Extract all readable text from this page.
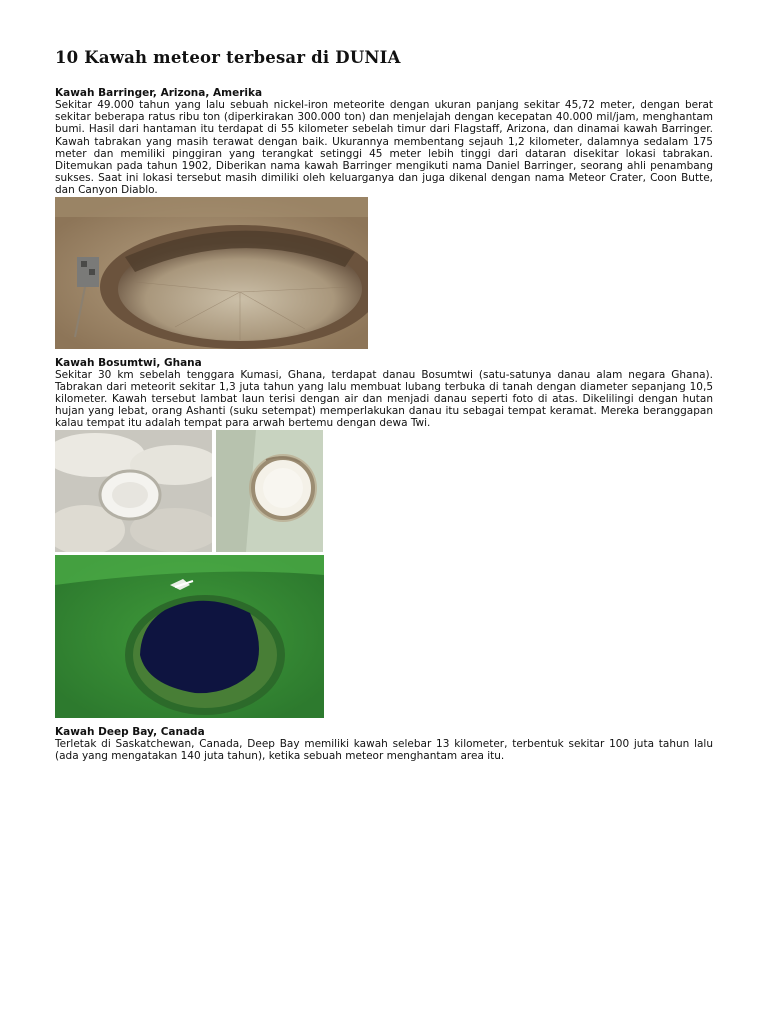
10 Kawah meteor terbesar di DUNIA

Kawah Barringer, Arizona, Amerika

Sekitar 49.000 tahun yang lalu sebuah nickel-iron meteorite dengan ukuran panjang sekitar 45,72 meter, dengan berat sekitar beberapa ratus ribu ton (diperkirakan 300.000 ton) dan menjelajah dengan kecepatan 40.000 mil/jam, menghantam bumi. Hasil dari hantaman itu terdapat di 55 kilometer sebelah timur dari Flagstaff, Arizona, dan dinamai kawah Barringer. Kawah tabrakan yang masih terawat dengan baik. Ukurannya membentang sejauh 1,2 kilometer, dalamnya sedalam 175 meter dan memiliki pinggiran yang terangkat setinggi 45 meter lebih tinggi dari dataran disekitar lokasi tabrakan. Ditemukan pada tahun 1902, Diberikan nama kawah Barringer mengikuti nama Daniel Barringer, seorang ahli penambang sukses. Saat ini lokasi tersebut masih dimiliki oleh keluarganya dan juga dikenal dengan nama Meteor Crater, Coon Butte, dan Canyon Diablo.

Kawah Bosumtwi, Ghana

Sekitar 30 km sebelah tenggara Kumasi, Ghana, terdapat danau Bosumtwi (satu-satunya danau alam negara Ghana). Tabrakan dari meteorit sekitar 1,3 juta tahun yang lalu membuat lubang terbuka di tanah dengan diameter sepanjang 10,5 kilometer. Kawah tersebut lambat laun terisi dengan air dan menjadi danau seperti foto di atas. Dikelilingi dengan hutan hujan yang lebat, orang Ashanti (suku setempat) memperlakukan danau itu sebagai tempat keramat. Mereka beranggapan kalau tempat itu adalah tempat para arwah bertemu dengan dewa Twi.

Kawah Deep Bay, Canada

Terletak di Saskatchewan, Canada, Deep Bay memiliki kawah selebar 13 kilometer, terbentuk sekitar 100 juta tahun lalu (ada yang mengatakan 140 juta tahun), ketika sebuah meteor menghantam area itu.
